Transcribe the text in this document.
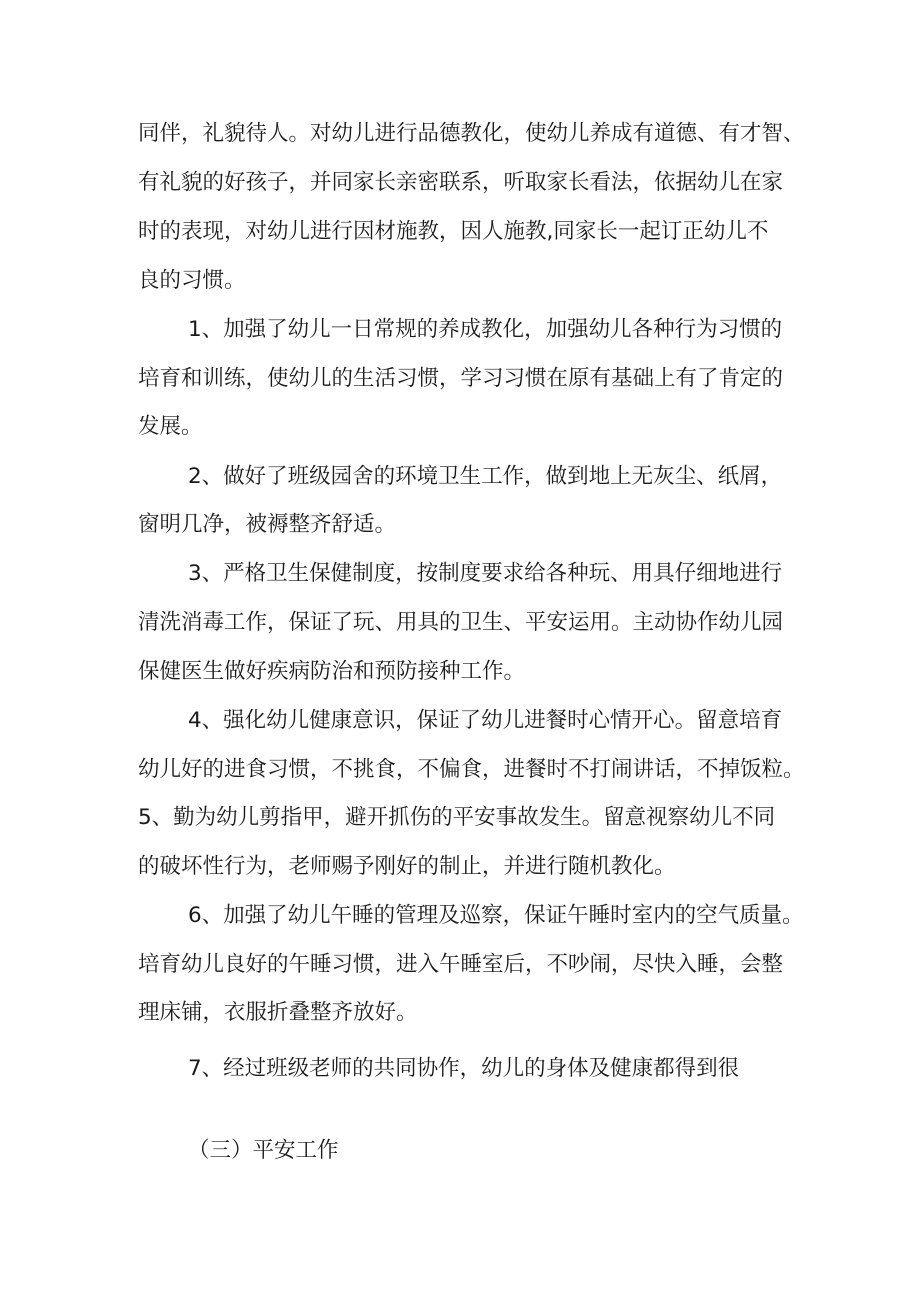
同伴，礼貌待人。对幼儿进行品德教化，使幼儿养成有道德、有才智、
有礼貌的好孩子，并同家长亲密联系，听取家长看法，依据幼儿在家
时的表现，对幼儿进行因材施教，因人施教,同家长一起订正幼儿不
良的习惯。
1、加强了幼儿一日常规的养成教化，加强幼儿各种行为习惯的
培育和训练，使幼儿的生活习惯，学习习惯在原有基础上有了肯定的
发展。
2、做好了班级园舍的环境卫生工作，做到地上无灰尘、纸屑，
窗明几净，被褥整齐舒适。
3、严格卫生保健制度，按制度要求给各种玩、用具仔细地进行
清洗消毒工作，保证了玩、用具的卫生、平安运用。主动协作幼儿园
保健医生做好疾病防治和预防接种工作。
4、强化幼儿健康意识，保证了幼儿进餐时心情开心。留意培育
幼儿好的进食习惯，不挑食，不偏食，进餐时不打闹讲话，不掉饭粒。
5、勤为幼儿剪指甲，避开抓伤的平安事故发生。留意视察幼儿不同
的破坏性行为，老师赐予刚好的制止，并进行随机教化。
6、加强了幼儿午睡的管理及巡察，保证午睡时室内的空气质量。
培育幼儿良好的午睡习惯，进入午睡室后，不吵闹，尽快入睡，会整
理床铺，衣服折叠整齐放好。
7、经过班级老师的共同协作，幼儿的身体及健康都得到很
（三）平安工作
